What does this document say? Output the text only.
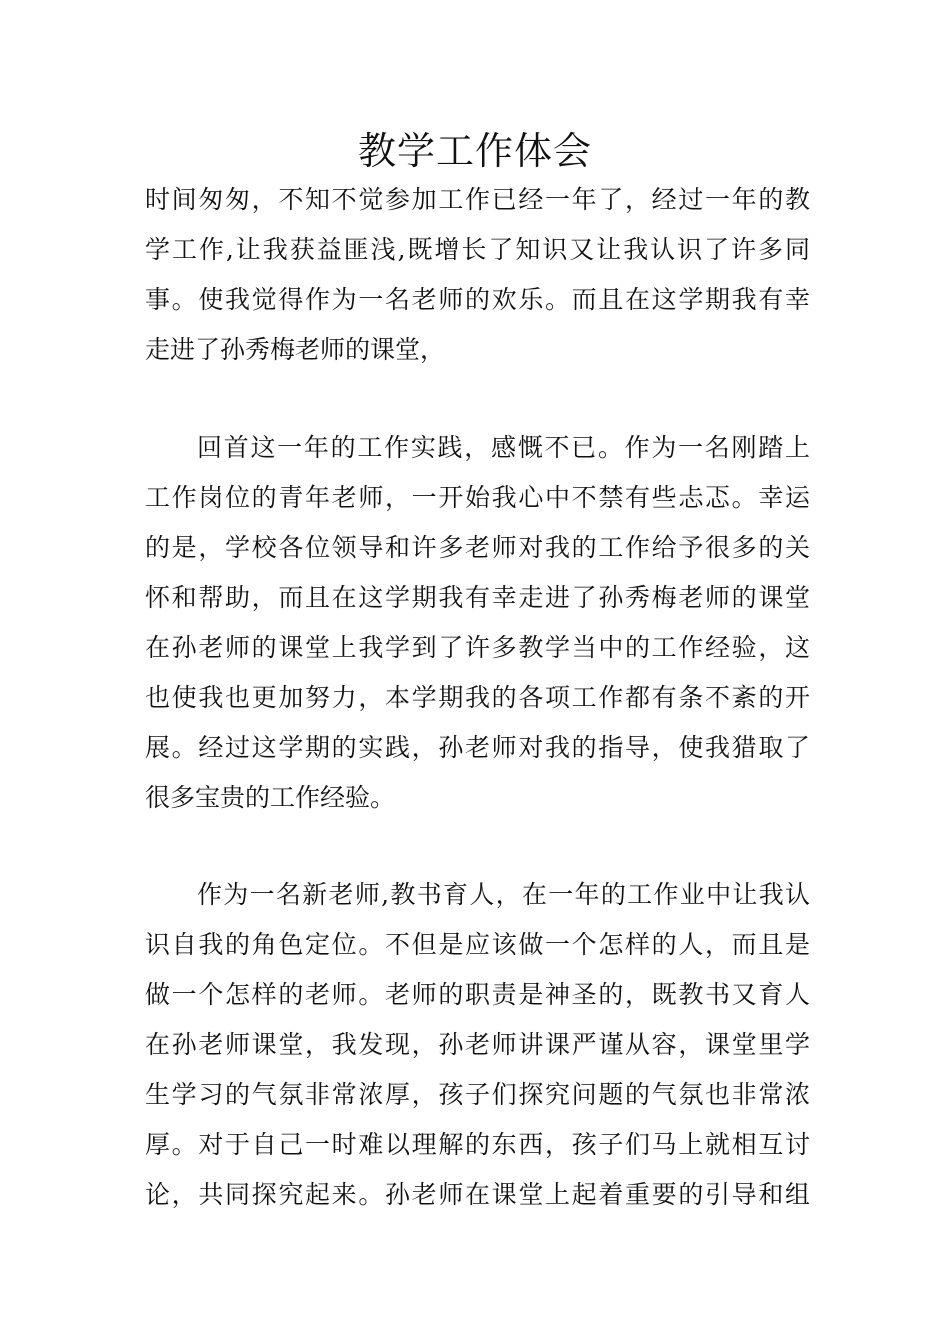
教学工作体会
时间匆匆，不知不觉参加工作已经一年了，经过一年的教
学工作,让我获益匪浅,既增长了知识又让我认识了许多同
事。使我觉得作为一名老师的欢乐。而且在这学期我有幸
走进了孙秀梅老师的课堂，
回首这一年的工作实践，感慨不已。作为一名刚踏上
工作岗位的青年老师，一开始我心中不禁有些忐忑。幸运
的是，学校各位领导和许多老师对我的工作给予很多的关
怀和帮助，而且在这学期我有幸走进了孙秀梅老师的课堂
在孙老师的课堂上我学到了许多教学当中的工作经验，这
也使我也更加努力，本学期我的各项工作都有条不紊的开
展。经过这学期的实践，孙老师对我的指导，使我猎取了
很多宝贵的工作经验。
作为一名新老师,教书育人，在一年的工作业中让我认
识自我的角色定位。不但是应该做一个怎样的人，而且是
做一个怎样的老师。老师的职责是神圣的，既教书又育人
在孙老师课堂，我发现，孙老师讲课严谨从容，课堂里学
生学习的气氛非常浓厚，孩子们探究问题的气氛也非常浓
厚。对于自己一时难以理解的东西，孩子们马上就相互讨
论，共同探究起来。孙老师在课堂上起着重要的引导和组
